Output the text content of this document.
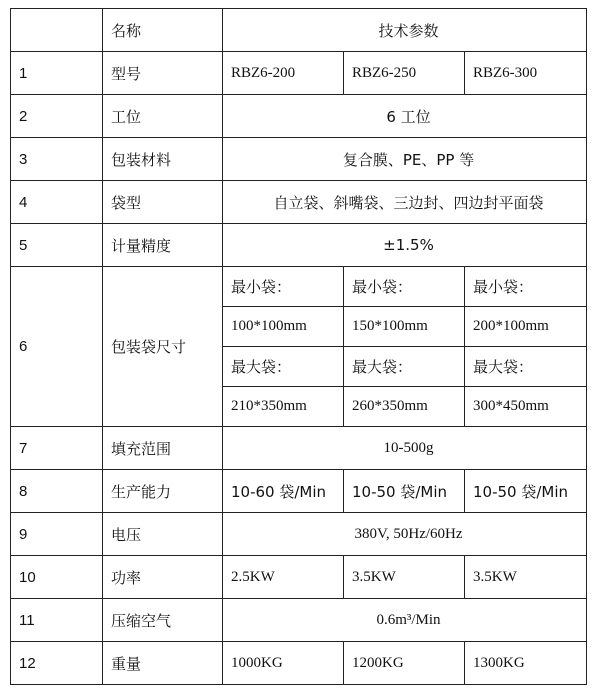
	名称	技术参数		
1	型号	RBZ6-200	RBZ6-250	RBZ6-300
2	工位	6 工位		
3	包装材料	复合膜、PE、PP 等		
4	袋型	自立袋、斜嘴袋、三边封、四边封平面袋		
5	计量精度	±1.5%		
6	包装袋尺寸	最小袋：	最小袋：	最小袋：
		100*100mm	150*100mm	200*100mm
		最大袋：	最大袋：	最大袋：
		210*350mm	260*350mm	300*450mm
7	填充范围	10-500g		
8	生产能力	10-60 袋/Min	10-50 袋/Min	10-50 袋/Min
9	电压	380V, 50Hz/60Hz		
10	功率	2.5KW	3.5KW	3.5KW
11	压缩空气	0.6m³/Min		
12	重量	1000KG	1200KG	1300KG
